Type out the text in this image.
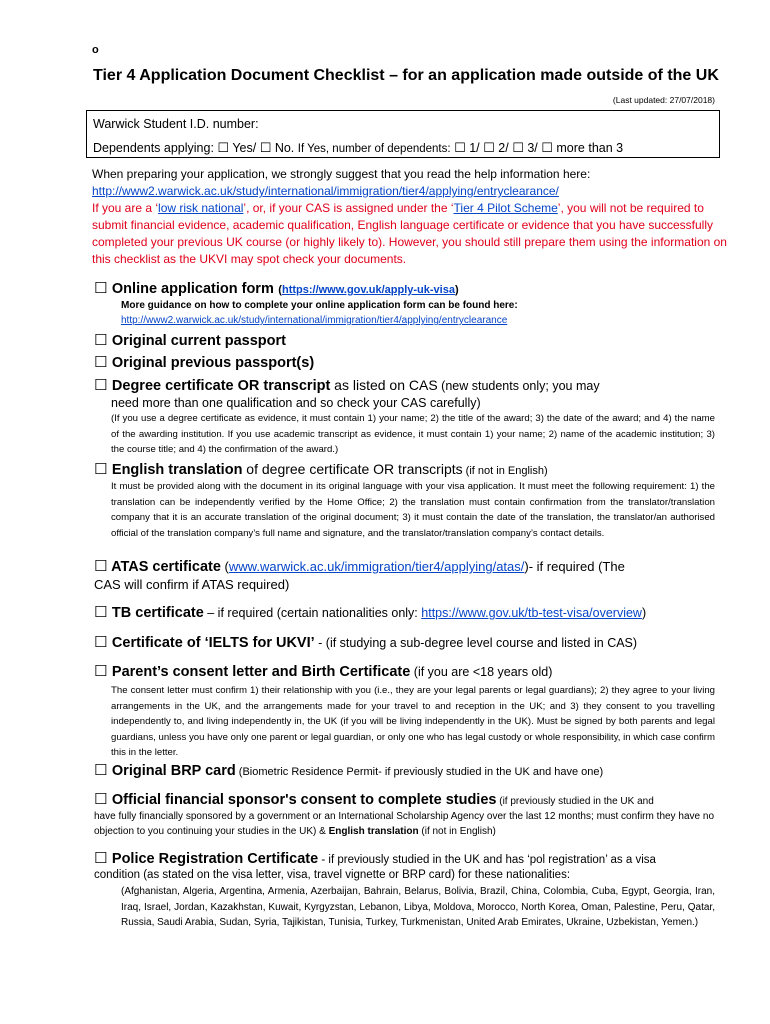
o
Tier 4 Application Document Checklist – for an application made outside of the UK
(Last updated: 27/07/2018)
Warwick Student I.D. number:
Dependents applying: ☐ Yes/ ☐ No. If Yes, number of dependents: ☐ 1/ ☐ 2/ ☐ 3/ ☐ more than 3
When preparing your application, we strongly suggest that you read the help information here:
http://www2.warwick.ac.uk/study/international/immigration/tier4/applying/entryclearance/
If you are a ‘low risk national’, or, if your CAS is assigned under the ‘Tier 4 Pilot Scheme’, you will not be required to submit financial evidence, academic qualification, English language certificate or evidence that you have successfully completed your previous UK course (or highly likely to). However, you should still prepare them using the information on this checklist as the UKVI may spot check your documents.
☐ Online application form (https://www.gov.uk/apply-uk-visa)
More guidance on how to complete your online application form can be found here:
http://www2.warwick.ac.uk/study/international/immigration/tier4/applying/entryclearance
☐ Original current passport
☐ Original previous passport(s)
☐ Degree certificate OR transcript as listed on CAS (new students only; you may
need more than one qualification and so check your CAS carefully)
(If you use a degree certificate as evidence, it must contain 1) your name; 2) the title of the award; 3) the date of the award; and 4) the name of the awarding institution. If you use academic transcript as evidence, it must contain 1) your name; 2) name of the academic institution; 3) the course title; and 4) the confirmation of the award.)
☐ English translation of degree certificate OR transcripts (if not in English)
It must be provided along with the document in its original language with your visa application. It must meet the following requirement: 1) the translation can be independently verified by the Home Office; 2) the translation must contain confirmation from the translator/translation company that it is an accurate translation of the original document; 3) it must contain the date of the translation, the translator/an authorised official of the translation company’s full name and signature, and the translator/translation company’s contact details.
☐ ATAS certificate (www.warwick.ac.uk/immigration/tier4/applying/atas/)- if required (The
CAS will confirm if ATAS required)
☐ TB certificate – if required (certain nationalities only: https://www.gov.uk/tb-test-visa/overview)
☐ Certificate of ‘IELTS for UKVI’ - (if studying a sub-degree level course and listed in CAS)
☐ Parent’s consent letter and Birth Certificate (if you are <18 years old)
The consent letter must confirm 1) their relationship with you (i.e., they are your legal parents or legal guardians); 2) they agree to your living arrangements in the UK, and the arrangements made for your travel to and reception in the UK; and 3) they consent to you travelling independently to, and living independently in, the UK (if you will be living independently in the UK). Must be signed by both parents and legal guardians, unless you have only one parent or legal guardian, or only one who has legal custody or whole responsibility, in which case confirm this in the letter.
☐ Original BRP card (Biometric Residence Permit- if previously studied in the UK and have one)
☐ Official financial sponsor's consent to complete studies (if previously studied in the UK and
have fully financially sponsored by a government or an International Scholarship Agency over the last 12 months; must confirm they have no objection to you continuing your studies in the UK) & English translation (if not in English)
☐ Police Registration Certificate - if previously studied in the UK and has ‘pol registration’ as a visa
condition (as stated on the visa letter, visa, travel vignette or BRP card) for these nationalities:
(Afghanistan, Algeria, Argentina, Armenia, Azerbaijan, Bahrain, Belarus, Bolivia, Brazil, China, Colombia, Cuba, Egypt, Georgia, Iran, Iraq, Israel, Jordan, Kazakhstan, Kuwait, Kyrgyzstan, Lebanon, Libya, Moldova, Morocco, North Korea, Oman, Palestine, Peru, Qatar, Russia, Saudi Arabia, Sudan, Syria, Tajikistan, Tunisia, Turkey, Turkmenistan, United Arab Emirates, Ukraine, Uzbekistan, Yemen.)
